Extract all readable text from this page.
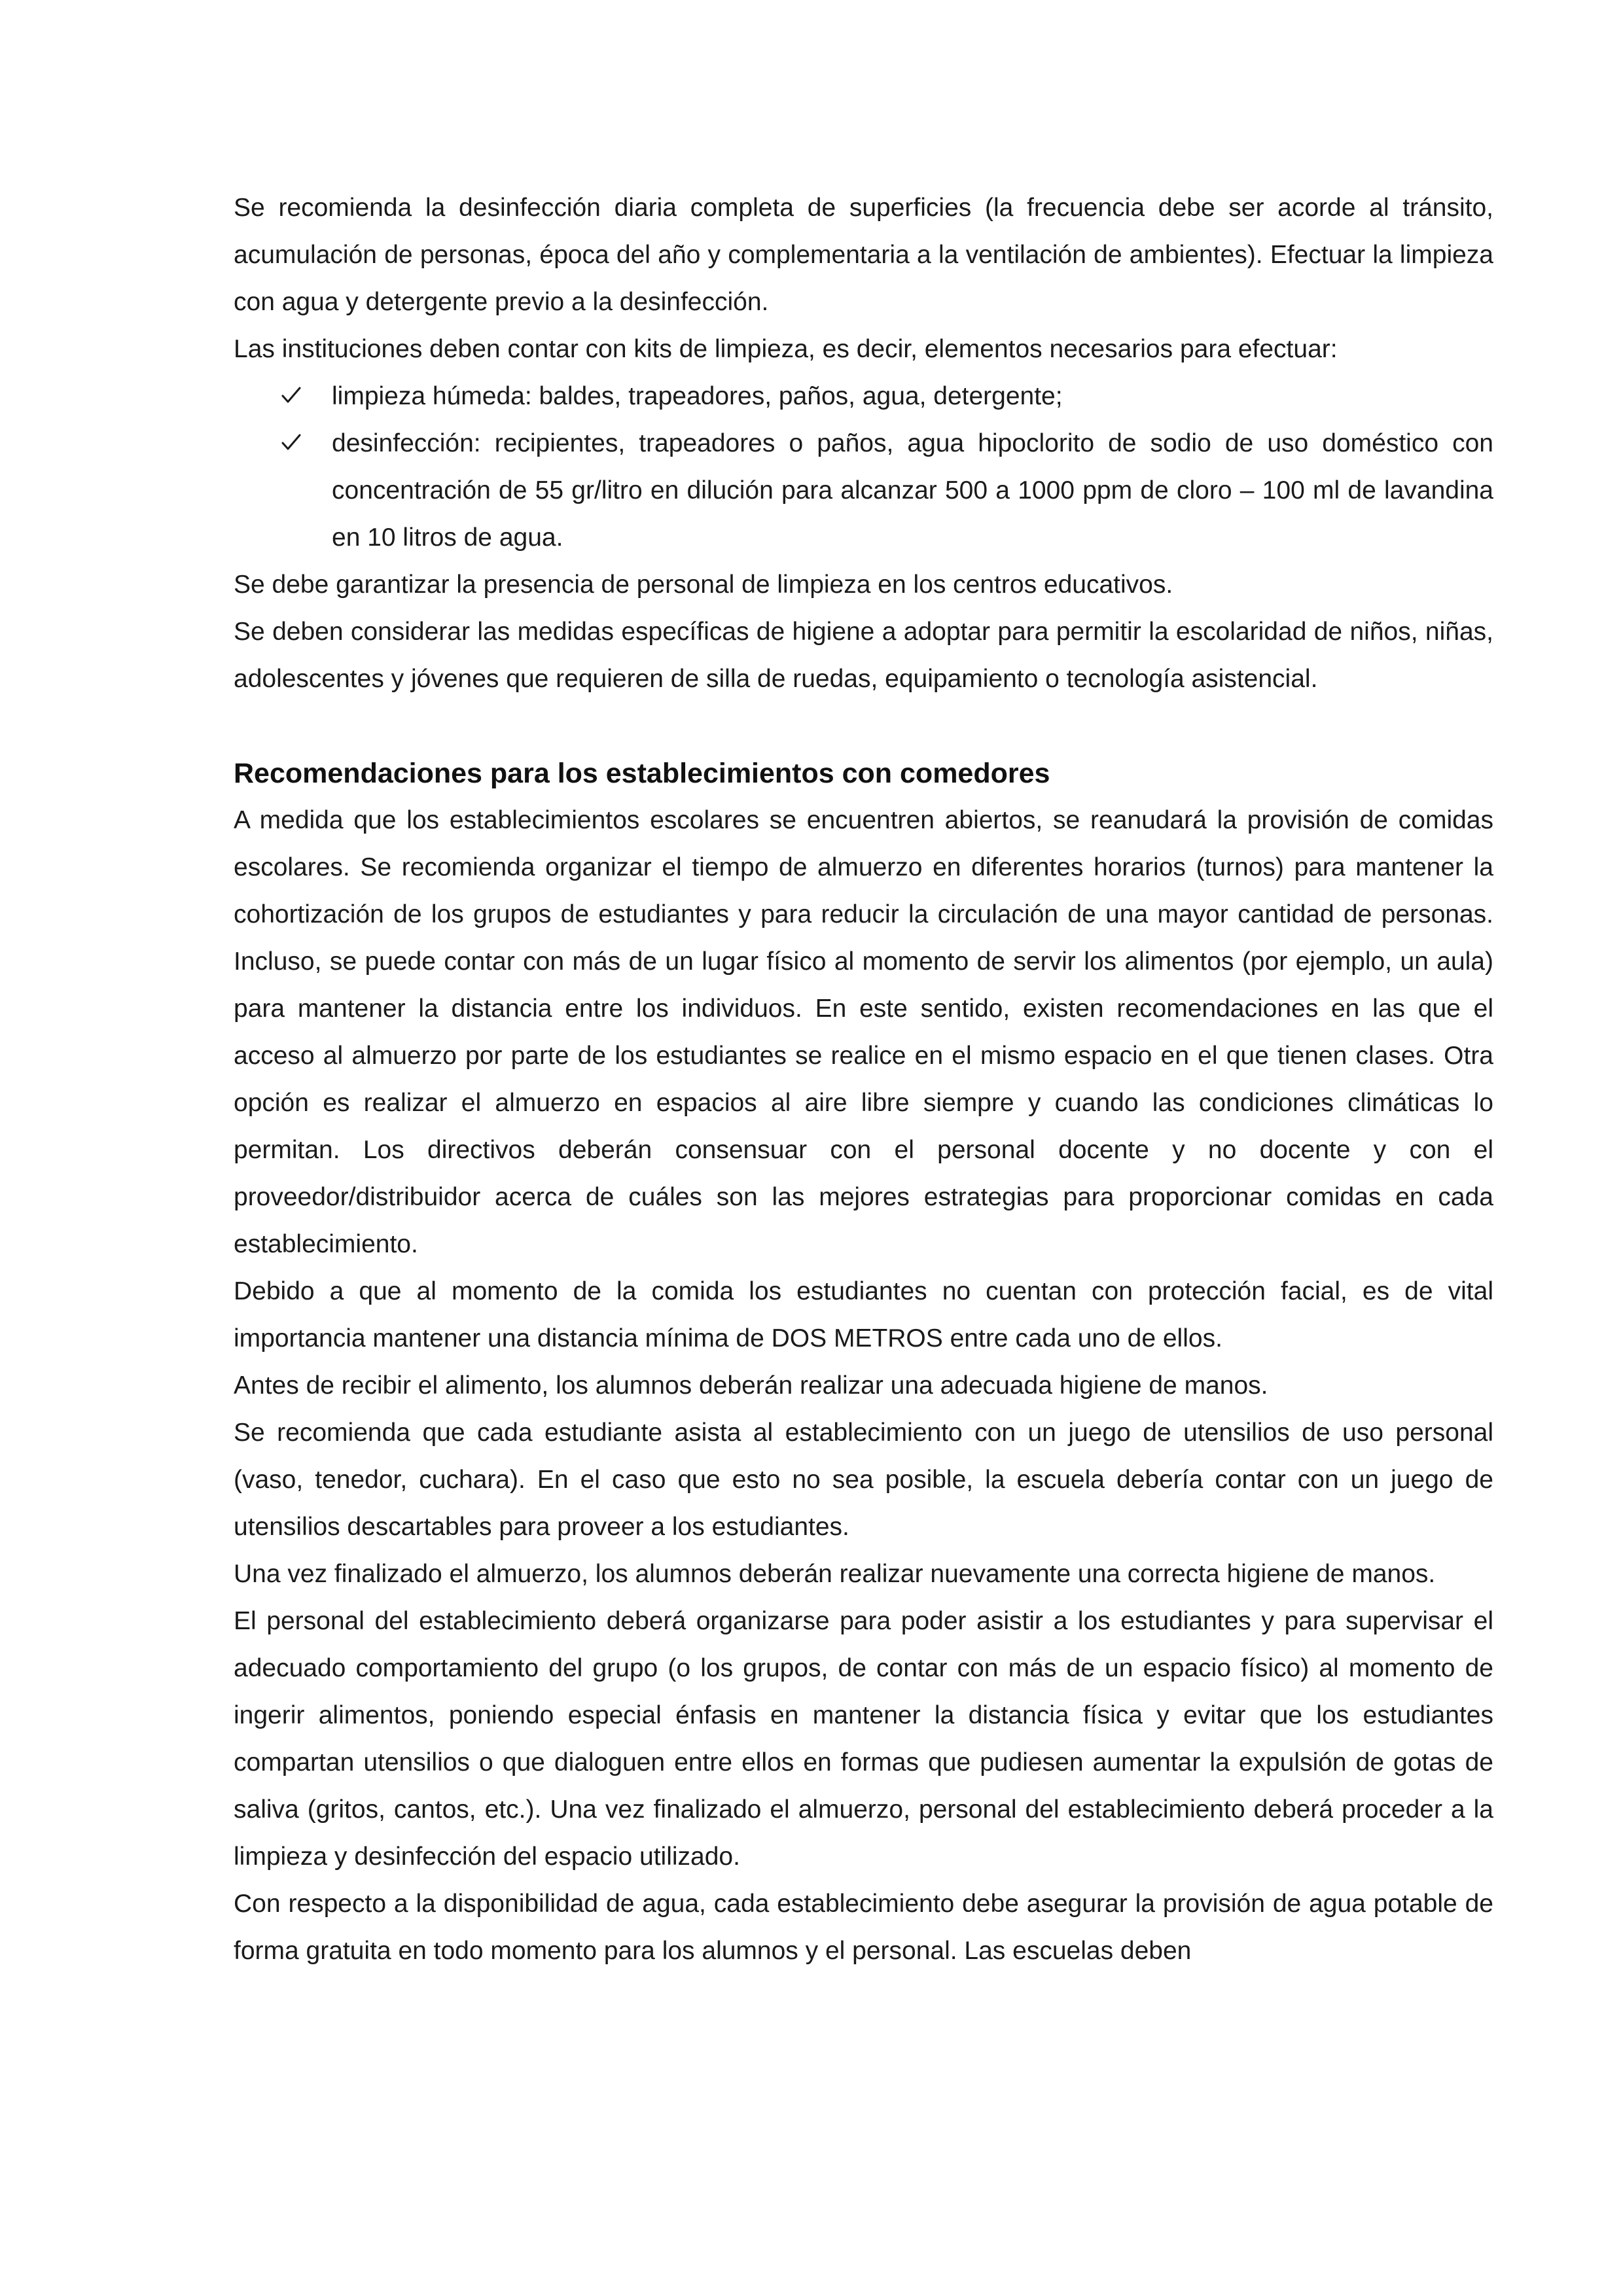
Se recomienda la desinfección diaria completa de superficies (la frecuencia debe ser acorde al tránsito, acumulación de personas, época del año y complementaria a la ventilación de ambientes). Efectuar la limpieza con agua y detergente previo a la desinfección.

Las instituciones deben contar con kits de limpieza, es decir, elementos necesarios para efectuar:

limpieza húmeda: baldes, trapeadores, paños, agua, detergente;
desinfección: recipientes, trapeadores o paños, agua hipoclorito de sodio de uso doméstico con concentración de 55 gr/litro en dilución para alcanzar 500 a 1000 ppm de cloro – 100 ml de lavandina en 10 litros de agua.

Se debe garantizar la presencia de personal de limpieza en los centros educativos.

Se deben considerar las medidas específicas de higiene a adoptar para permitir la escolaridad de niños, niñas, adolescentes y jóvenes que requieren de silla de ruedas, equipamiento o tecnología asistencial.

Recomendaciones para los establecimientos con comedores

A medida que los establecimientos escolares se encuentren abiertos, se reanudará la provisión de comidas escolares. Se recomienda organizar el tiempo de almuerzo en diferentes horarios (turnos) para mantener la cohortización de los grupos de estudiantes y para reducir la circulación de una mayor cantidad de personas. Incluso, se puede contar con más de un lugar físico al momento de servir los alimentos (por ejemplo, un aula) para mantener la distancia entre los individuos. En este sentido, existen recomendaciones en las que el acceso al almuerzo por parte de los estudiantes se realice en el mismo espacio en el que tienen clases. Otra opción es realizar el almuerzo en espacios al aire libre siempre y cuando las condiciones climáticas lo permitan. Los directivos deberán consensuar con el personal docente y no docente y con el proveedor/distribuidor acerca de cuáles son las mejores estrategias para proporcionar comidas en cada establecimiento.

Debido a que al momento de la comida los estudiantes no cuentan con protección facial, es de vital importancia mantener una distancia mínima de DOS METROS entre cada uno de ellos.

Antes de recibir el alimento, los alumnos deberán realizar una adecuada higiene de manos.

Se recomienda que cada estudiante asista al establecimiento con un juego de utensilios de uso personal (vaso, tenedor, cuchara). En el caso que esto no sea posible, la escuela debería contar con un juego de utensilios descartables para proveer a los estudiantes.

Una vez finalizado el almuerzo, los alumnos deberán realizar nuevamente una correcta higiene de manos.

El personal del establecimiento deberá organizarse para poder asistir a los estudiantes y para supervisar el adecuado comportamiento del grupo (o los grupos, de contar con más de un espacio físico) al momento de ingerir alimentos, poniendo especial énfasis en mantener la distancia física y evitar que los estudiantes compartan utensilios o que dialoguen entre ellos en formas que pudiesen aumentar la expulsión de gotas de saliva (gritos, cantos, etc.). Una vez finalizado el almuerzo, personal del establecimiento deberá proceder a la limpieza y desinfección del espacio utilizado.

Con respecto a la disponibilidad de agua, cada establecimiento debe asegurar la provisión de agua potable de forma gratuita en todo momento para los alumnos y el personal. Las escuelas deben
